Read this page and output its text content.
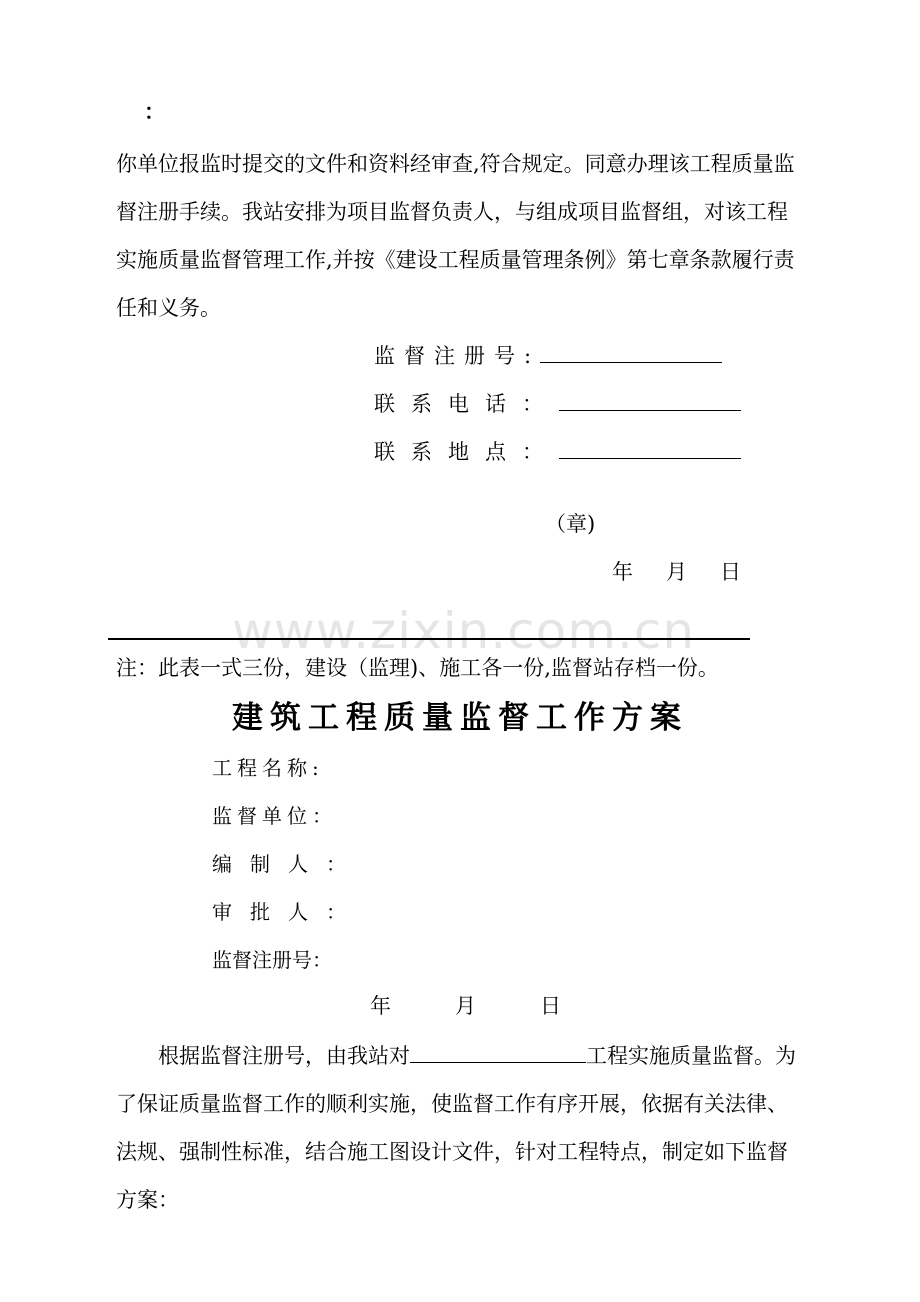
：
你单位报监时提交的文件和资料经审查,符合规定。同意办理该工程质量监
督注册手续。我站安排为项目监督负责人，与组成项目监督组，对该工程
实施质量监督管理工作,并按《建设工程质量管理条例》第七章条款履行责
任和义务。
监督注册号:
联系电话：
联系地点：
（章)
年 月 日
www.zixin.com.cn
注：此表一式三份，建设（监理)、施工各一份,监督站存档一份。
建筑工程质量监督工作方案
工程名称:
监督单位：
编制人：
审批人：
监督注册号：
年	月	日
根据监督注册号，由我站对	工程实施质量监督。为
了保证质量监督工作的顺利实施，使监督工作有序开展，依据有关法律、
法规、强制性标准，结合施工图设计文件，针对工程特点，制定如下监督
方案：
